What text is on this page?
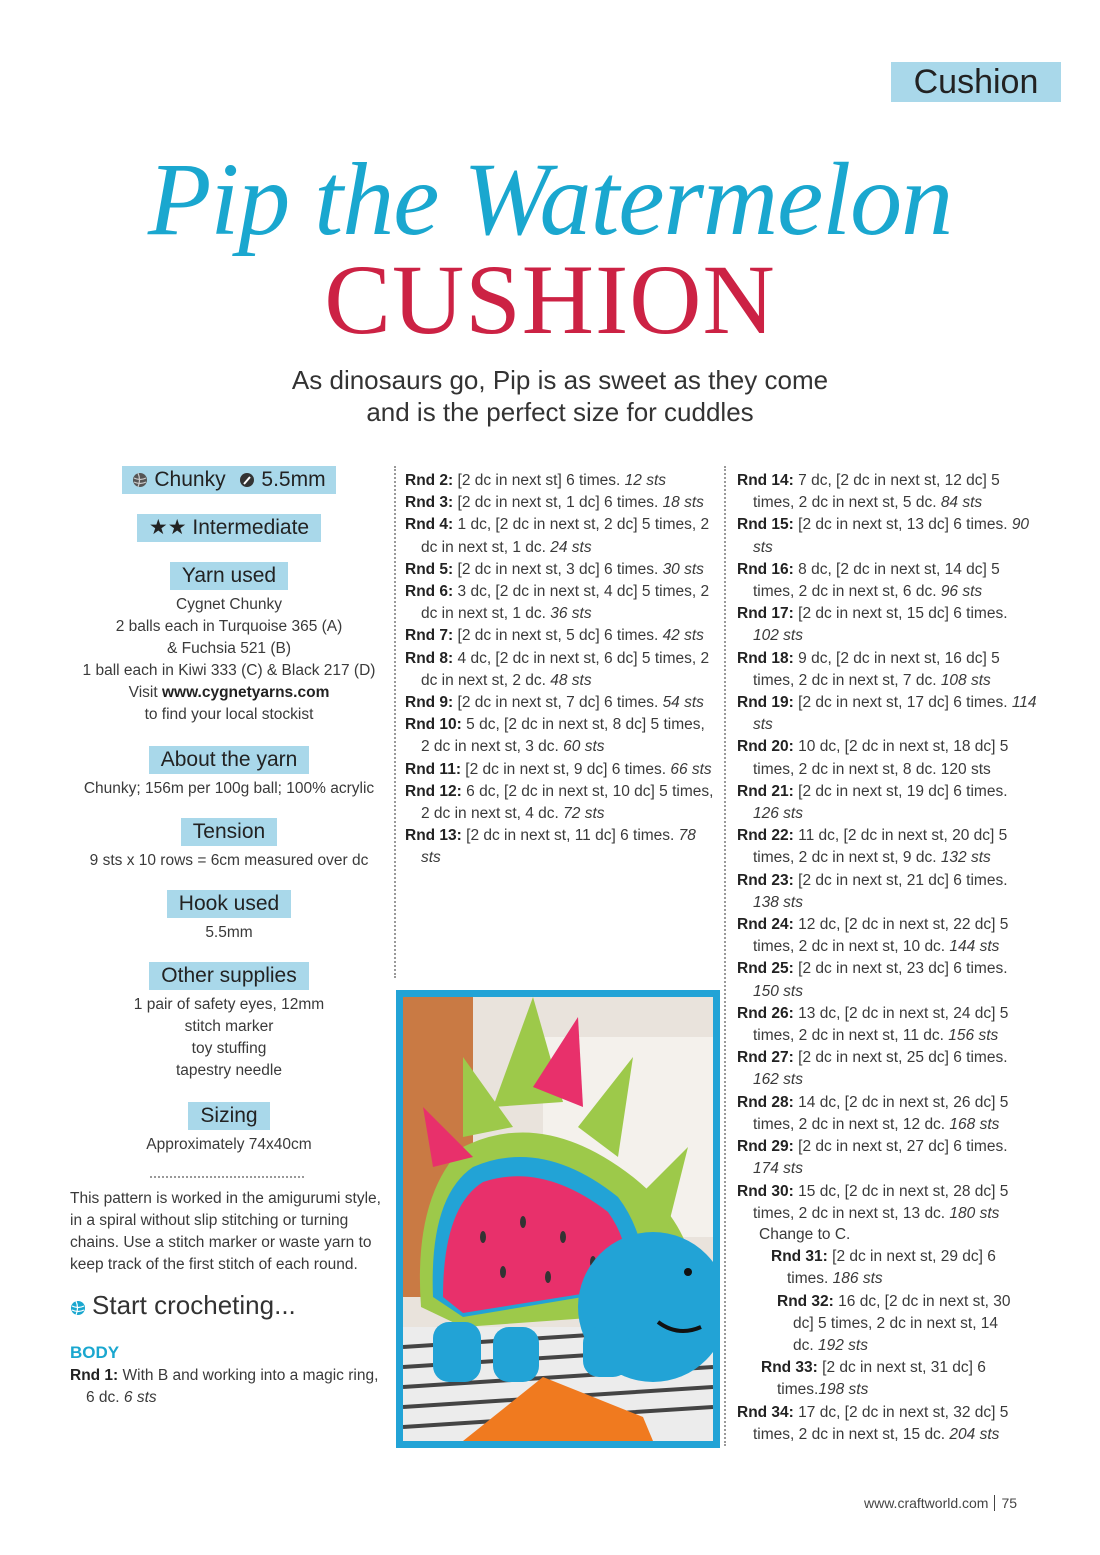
Cushion
Pip the Watermelon
CUSHION
As dinosaurs go, Pip is as sweet as they come
and is the perfect size for cuddles
Chunky 5.5mm
★★ Intermediate
Yarn used
Cygnet Chunky
2 balls each in Turquoise 365 (A)
& Fuchsia 521 (B)
1 ball each in Kiwi 333 (C) & Black 217 (D)
Visit www.cygnetyarns.com
to find your local stockist
About the yarn
Chunky; 156m per 100g ball; 100% acrylic
Tension
9 sts x 10 rows = 6cm measured over dc
Hook used
5.5mm
Other supplies
1 pair of safety eyes, 12mm
stitch marker
toy stuffing
tapestry needle
Sizing
Approximately 74x40cm
This pattern is worked in the amigurumi style, in a spiral without slip stitching or turning chains. Use a stitch marker or waste yarn to keep track of the first stitch of each round.
Start crocheting...
BODY
Rnd 1: With B and working into a magic ring, 6 dc. 6 sts
Rnd 2: [2 dc in next st] 6 times. 12 sts
Rnd 3: [2 dc in next st, 1 dc] 6 times. 18 sts
Rnd 4: 1 dc, [2 dc in next st, 2 dc] 5 times, 2 dc in next st, 1 dc. 24 sts
Rnd 5: [2 dc in next st, 3 dc] 6 times. 30 sts
Rnd 6: 3 dc, [2 dc in next st, 4 dc] 5 times, 2 dc in next st, 1 dc. 36 sts
Rnd 7: [2 dc in next st, 5 dc] 6 times. 42 sts
Rnd 8: 4 dc, [2 dc in next st, 6 dc] 5 times, 2 dc in next st, 2 dc. 48 sts
Rnd 9: [2 dc in next st, 7 dc] 6 times. 54 sts
Rnd 10: 5 dc, [2 dc in next st, 8 dc] 5 times, 2 dc in next st, 3 dc. 60 sts
Rnd 11: [2 dc in next st, 9 dc] 6 times. 66 sts
Rnd 12: 6 dc, [2 dc in next st, 10 dc] 5 times, 2 dc in next st, 4 dc. 72 sts
Rnd 13: [2 dc in next st, 11 dc] 6 times. 78 sts
Rnd 14: 7 dc, [2 dc in next st, 12 dc] 5 times, 2 dc in next st, 5 dc. 84 sts
Rnd 15: [2 dc in next st, 13 dc] 6 times. 90 sts
Rnd 16: 8 dc, [2 dc in next st, 14 dc] 5 times, 2 dc in next st, 6 dc. 96 sts
Rnd 17: [2 dc in next st, 15 dc] 6 times. 102 sts
Rnd 18: 9 dc, [2 dc in next st, 16 dc] 5 times, 2 dc in next st, 7 dc. 108 sts
Rnd 19: [2 dc in next st, 17 dc] 6 times. 114 sts
Rnd 20: 10 dc, [2 dc in next st, 18 dc] 5 times, 2 dc in next st, 8 dc. 120 sts
Rnd 21: [2 dc in next st, 19 dc] 6 times. 126 sts
Rnd 22: 11 dc, [2 dc in next st, 20 dc] 5 times, 2 dc in next st, 9 dc. 132 sts
Rnd 23: [2 dc in next st, 21 dc] 6 times. 138 sts
Rnd 24: 12 dc, [2 dc in next st, 22 dc] 5 times, 2 dc in next st, 10 dc. 144 sts
Rnd 25: [2 dc in next st, 23 dc] 6 times. 150 sts
Rnd 26: 13 dc, [2 dc in next st, 24 dc] 5 times, 2 dc in next st, 11 dc. 156 sts
Rnd 27: [2 dc in next st, 25 dc] 6 times. 162 sts
Rnd 28: 14 dc, [2 dc in next st, 26 dc] 5 times, 2 dc in next st, 12 dc. 168 sts
Rnd 29: [2 dc in next st, 27 dc] 6 times. 174 sts
Rnd 30: 15 dc, [2 dc in next st, 28 dc] 5 times, 2 dc in next st, 13 dc. 180 sts
Change to C.
Rnd 31: [2 dc in next st, 29 dc] 6 times. 186 sts
Rnd 32: 16 dc, [2 dc in next st, 30 dc] 5 times, 2 dc in next st, 14 dc. 192 sts
Rnd 33: [2 dc in next st, 31 dc] 6 times.198 sts
Rnd 34: 17 dc, [2 dc in next st, 32 dc] 5 times, 2 dc in next st, 15 dc. 204 sts
www.craftworld.com 75
